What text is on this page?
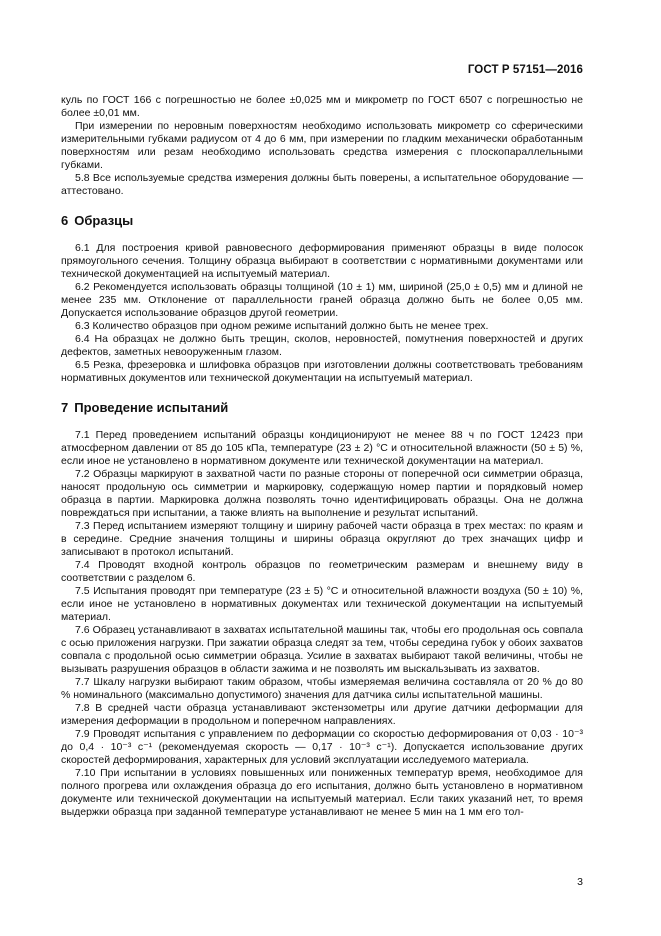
ГОСТ Р 57151—2016

куль по ГОСТ 166 с погрешностью не более ±0,025 мм и микрометр по ГОСТ 6507 с погрешностью не более ±0,01 мм.

При измерении по неровным поверхностям необходимо использовать микрометр со сферическими измерительными губками радиусом от 4 до 6 мм, при измерении по гладким механически обработанным поверхностям или резам необходимо использовать средства измерения с плоскопараллельными губками.

5.8 Все используемые средства измерения должны быть поверены, а испытательное оборудование — аттестовано.

6 Образцы

6.1 Для построения кривой равновесного деформирования применяют образцы в виде полосок прямоугольного сечения. Толщину образца выбирают в соответствии с нормативными документами или технической документацией на испытуемый материал.

6.2 Рекомендуется использовать образцы толщиной (10 ± 1) мм, шириной (25,0 ± 0,5) мм и длиной не менее 235 мм. Отклонение от параллельности граней образца должно быть не более 0,05 мм. Допускается использование образцов другой геометрии.

6.3 Количество образцов при одном режиме испытаний должно быть не менее трех.

6.4 На образцах не должно быть трещин, сколов, неровностей, помутнения поверхностей и других дефектов, заметных невооруженным глазом.

6.5 Резка, фрезеровка и шлифовка образцов при изготовлении должны соответствовать требованиям нормативных документов или технической документации на испытуемый материал.

7 Проведение испытаний

7.1 Перед проведением испытаний образцы кондиционируют не менее 88 ч по ГОСТ 12423 при атмосферном давлении от 85 до 105 кПа, температуре (23 ± 2) °С и относительной влажности (50 ± 5) %, если иное не установлено в нормативном документе или технической документации на материал.

7.2 Образцы маркируют в захватной части по разные стороны от поперечной оси симметрии образца, наносят продольную ось симметрии и маркировку, содержащую номер партии и порядковый номер образца в партии. Маркировка должна позволять точно идентифицировать образцы. Она не должна повреждаться при испытании, а также влиять на выполнение и результат испытаний.

7.3 Перед испытанием измеряют толщину и ширину рабочей части образца в трех местах: по краям и в середине. Средние значения толщины и ширины образца округляют до трех значащих цифр и записывают в протокол испытаний.

7.4 Проводят входной контроль образцов по геометрическим размерам и внешнему виду в соответствии с разделом 6.

7.5 Испытания проводят при температуре (23 ± 5) °С и относительной влажности воздуха (50 ± 10) %, если иное не установлено в нормативных документах или технической документации на испытуемый материал.

7.6 Образец устанавливают в захватах испытательной машины так, чтобы его продольная ось совпала с осью приложения нагрузки. При зажатии образца следят за тем, чтобы середина губок у обоих захватов совпала с продольной осью симметрии образца. Усилие в захватах выбирают такой величины, чтобы не вызывать разрушения образцов в области зажима и не позволять им выскальзывать из захватов.

7.7 Шкалу нагрузки выбирают таким образом, чтобы измеряемая величина составляла от 20 % до 80 % номинального (максимально допустимого) значения для датчика силы испытательной машины.

7.8 В средней части образца устанавливают экстензометры или другие датчики деформации для измерения деформации в продольном и поперечном направлениях.

7.9 Проводят испытания с управлением по деформации со скоростью деформирования от 0,03 · 10⁻³ до 0,4 · 10⁻³ с⁻¹ (рекомендуемая скорость — 0,17 · 10⁻³ с⁻¹). Допускается использование других скоростей деформирования, характерных для условий эксплуатации исследуемого материала.

7.10 При испытании в условиях повышенных или пониженных температур время, необходимое для полного прогрева или охлаждения образца до его испытания, должно быть установлено в нормативном документе или технической документации на испытуемый материал. Если таких указаний нет, то время выдержки образца при заданной температуре устанавливают не менее 5 мин на 1 мм его тол-

3
